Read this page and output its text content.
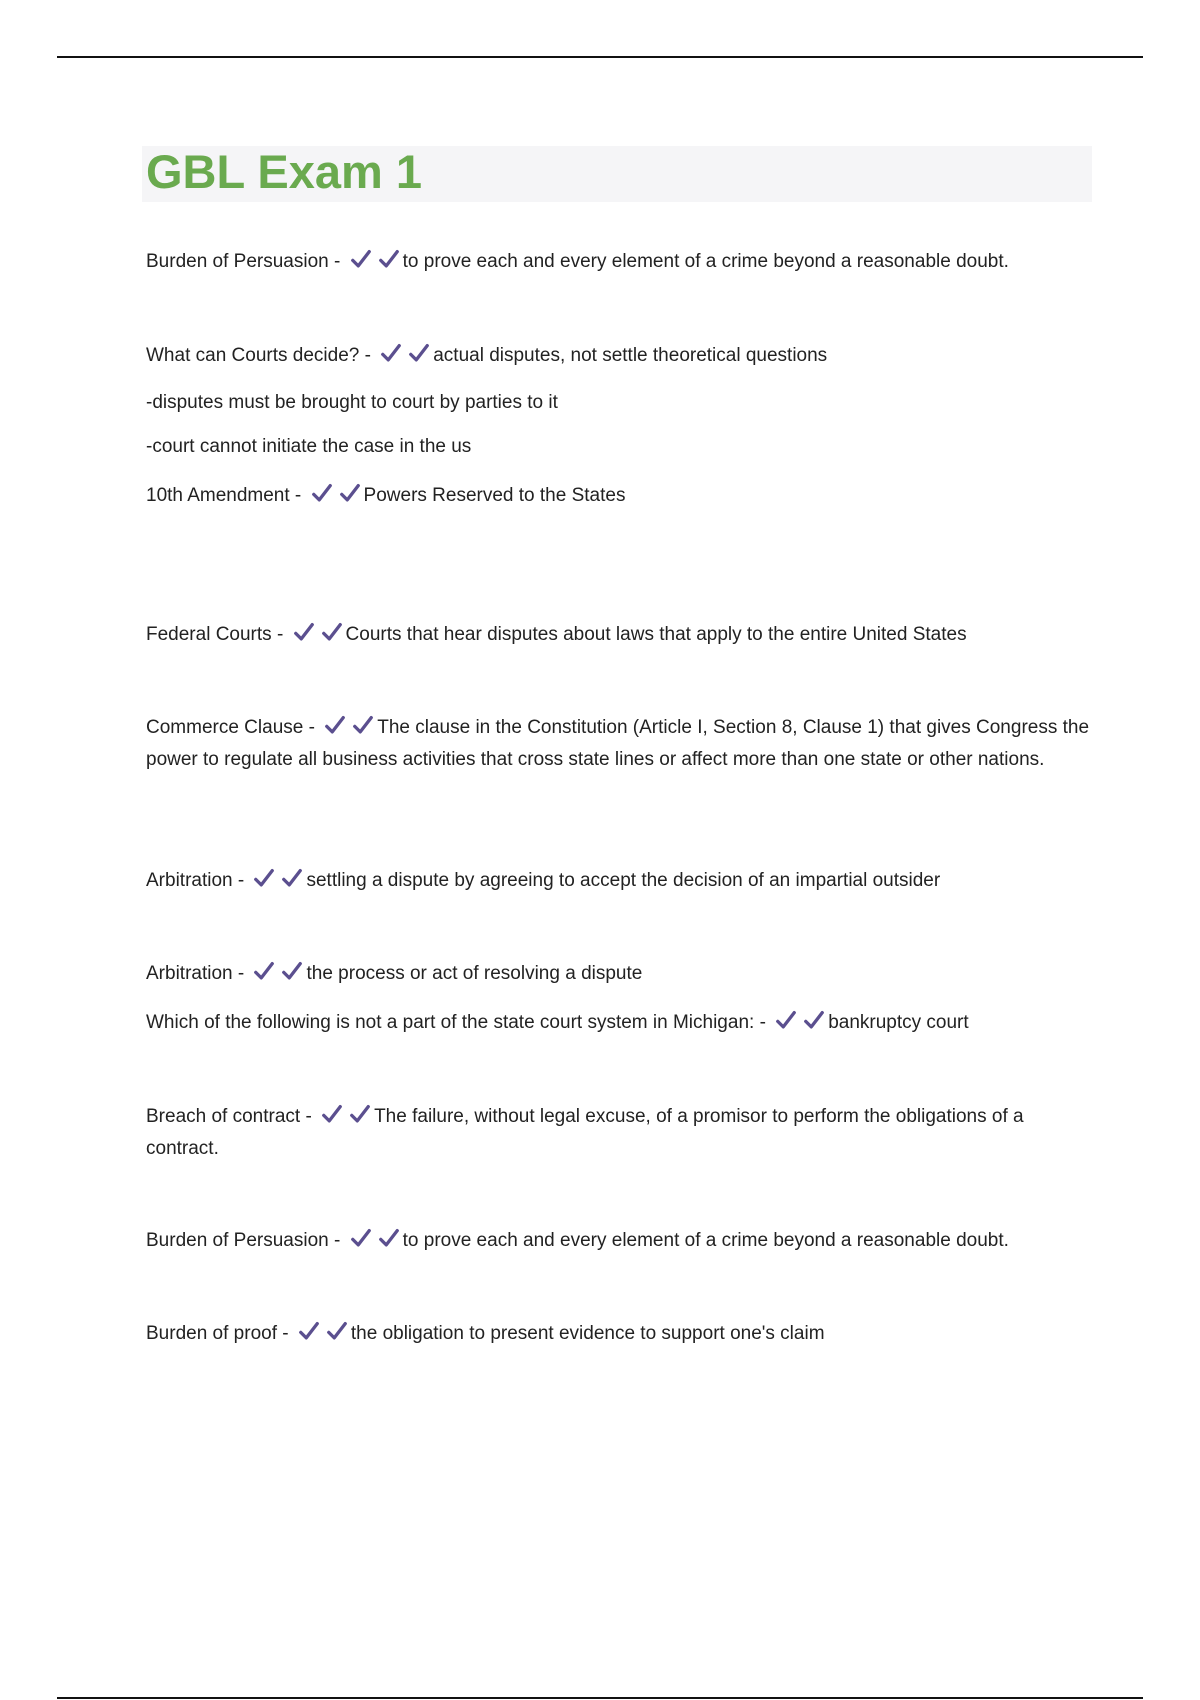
GBL Exam 1

Burden of Persuasion -	to prove each and every element of a crime beyond a reasonable doubt.

What can Courts decide? -	actual disputes, not settle theoretical questions

-disputes must be brought to court by parties to it

-court cannot initiate the case in the us

10th Amendment -	Powers Reserved to the States

Federal Courts -	Courts that hear disputes about laws that apply to the entire United States

Commerce Clause -	The clause in the Constitution (Article I, Section 8, Clause 1) that gives Congress the power to regulate all business activities that cross state lines or affect more than one state or other nations.

Arbitration -	settling a dispute by agreeing to accept the decision of an impartial outsider

Arbitration -	the process or act of resolving a dispute

Which of the following is not a part of the state court system in Michigan: -	bankruptcy court

Breach of contract -	The failure, without legal excuse, of a promisor to perform the obligations of a contract.

Burden of Persuasion -	to prove each and every element of a crime beyond a reasonable doubt.

Burden of proof -	the obligation to present evidence to support one's claim
